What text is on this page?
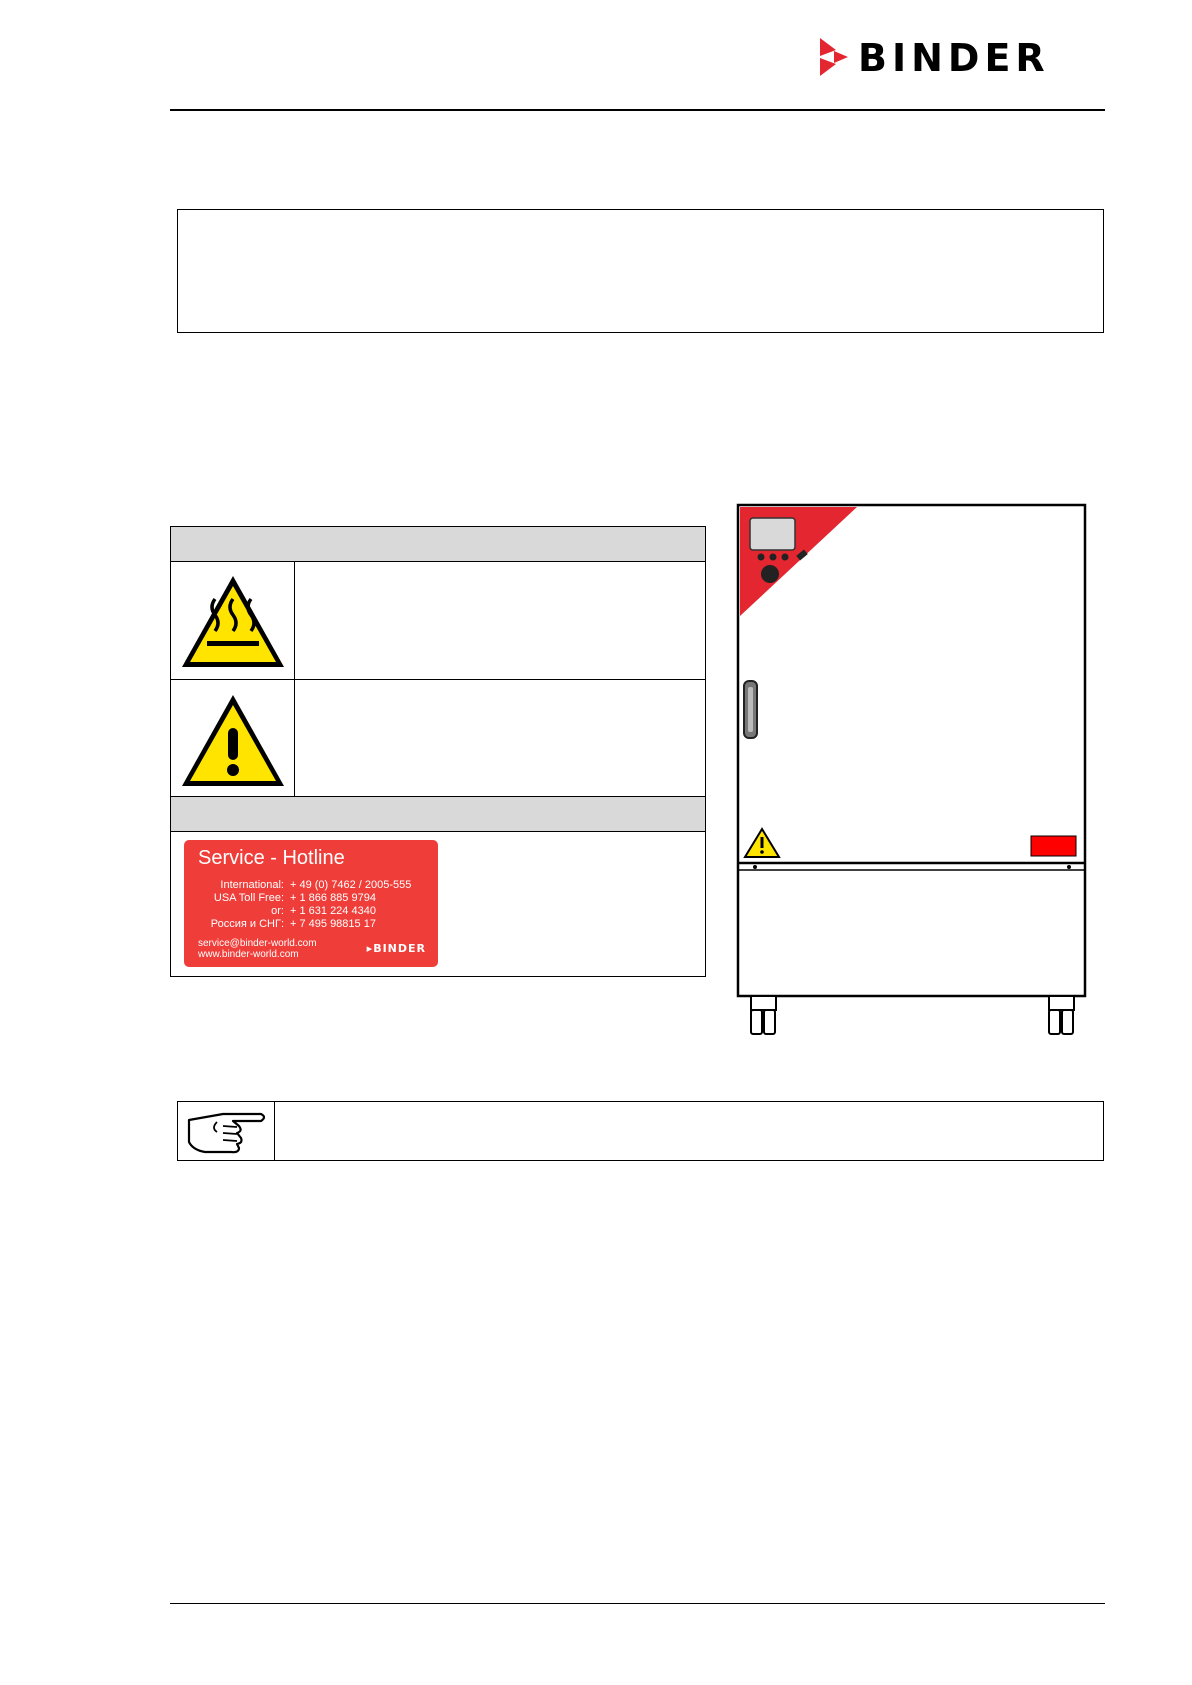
BINDER
Service - Hotline
International: + 49 (0) 7462 / 2005-555
USA Toll Free: + 1 866 885 9794
or: + 1 631 224 4340
Россия и СНГ: + 7 495 98815 17
service@binder-world.com
www.binder-world.com	▸BINDER
